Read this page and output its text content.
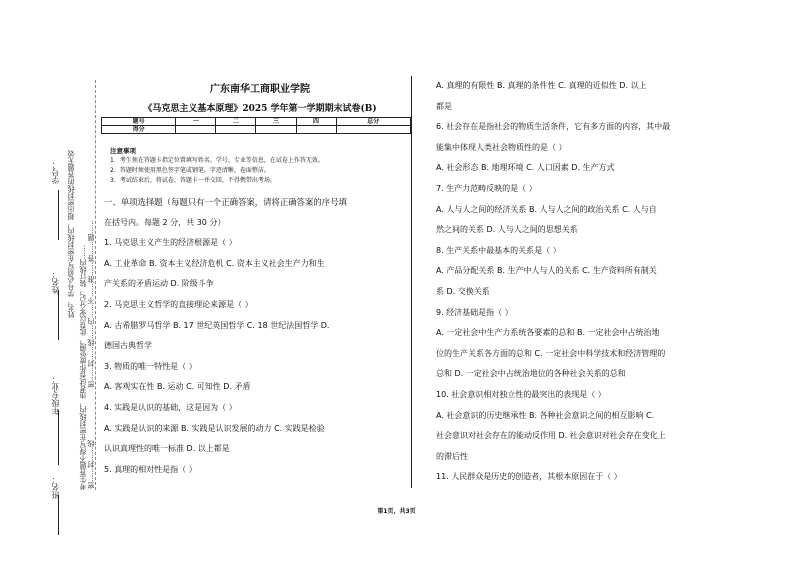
学号：
姓名：
年级专业：
班名：
姓名、学号必须写在密封线内，超出密封线的答题无效
考生答题不得写在密封线内，违者试卷作废处理，此卷以零分记，装订线内…… 密……封……线……内……不……准……答……题……
密……封……线
广东南华工商职业学院
《马克思主义基本原理》2025 学年第一学期期末试卷(B)
题号	一	二	三	四	总分
得分					
注意事项
1．考生须在答题卡指定位置填写姓名、学号、专业等信息，在试卷上作答无效。
2．答题时须使用黑色签字笔或钢笔，字迹清晰，卷面整洁。
3．考试结束后，将试卷、答题卡一并交回，不得携带出考场。

一、单项选择题（每题只有一个正确答案，请将正确答案的序号填

在括号内。每题 2 分，共 30 分）

1. 马克思主义产生的经济根源是（ ）

A. 工业革命 B. 资本主义经济危机 C. 资本主义社会生产力和生

产关系的矛盾运动 D. 阶级斗争

2. 马克思主义哲学的直接理论来源是（ ）

A. 古希腊罗马哲学 B. 17 世纪英国哲学 C. 18 世纪法国哲学 D.

德国古典哲学

3. 物质的唯一特性是（ ）

A. 客观实在性 B. 运动 C. 可知性 D. 矛盾

4. 实践是认识的基础，这是因为（ ）

A. 实践是认识的来源 B. 实践是认识发展的动力 C. 实践是检验

认识真理性的唯一标准 D. 以上都是

5. 真理的相对性是指（ ）

A. 真理的有限性 B. 真理的条件性 C. 真理的近似性 D. 以上

都是

6. 社会存在是指社会的物质生活条件，它有多方面的内容，其中最

能集中体现人类社会物质性的是（ ）

A. 社会形态 B. 地理环境 C. 人口因素 D. 生产方式

7. 生产力范畴反映的是（ ）

A. 人与人之间的经济关系 B. 人与人之间的政治关系 C. 人与自

然之间的关系 D. 人与人之间的思想关系

8. 生产关系中最基本的关系是（ ）

A. 产品分配关系 B. 生产中人与人的关系 C. 生产资料所有制关

系 D. 交换关系

9. 经济基础是指（ ）

A. 一定社会中生产力系统各要素的总和 B. 一定社会中占统治地

位的生产关系各方面的总和 C. 一定社会中科学技术和经济管理的

总和 D. 一定社会中占统治地位的各种社会关系的总和

10. 社会意识相对独立性的最突出的表现是（ ）

A. 社会意识的历史继承性 B. 各种社会意识之间的相互影响 C.

社会意识对社会存在的能动反作用 D. 社会意识对社会存在变化上

的滞后性

11. 人民群众是历史的创造者，其根本原因在于（ ）

第1页，共3页
